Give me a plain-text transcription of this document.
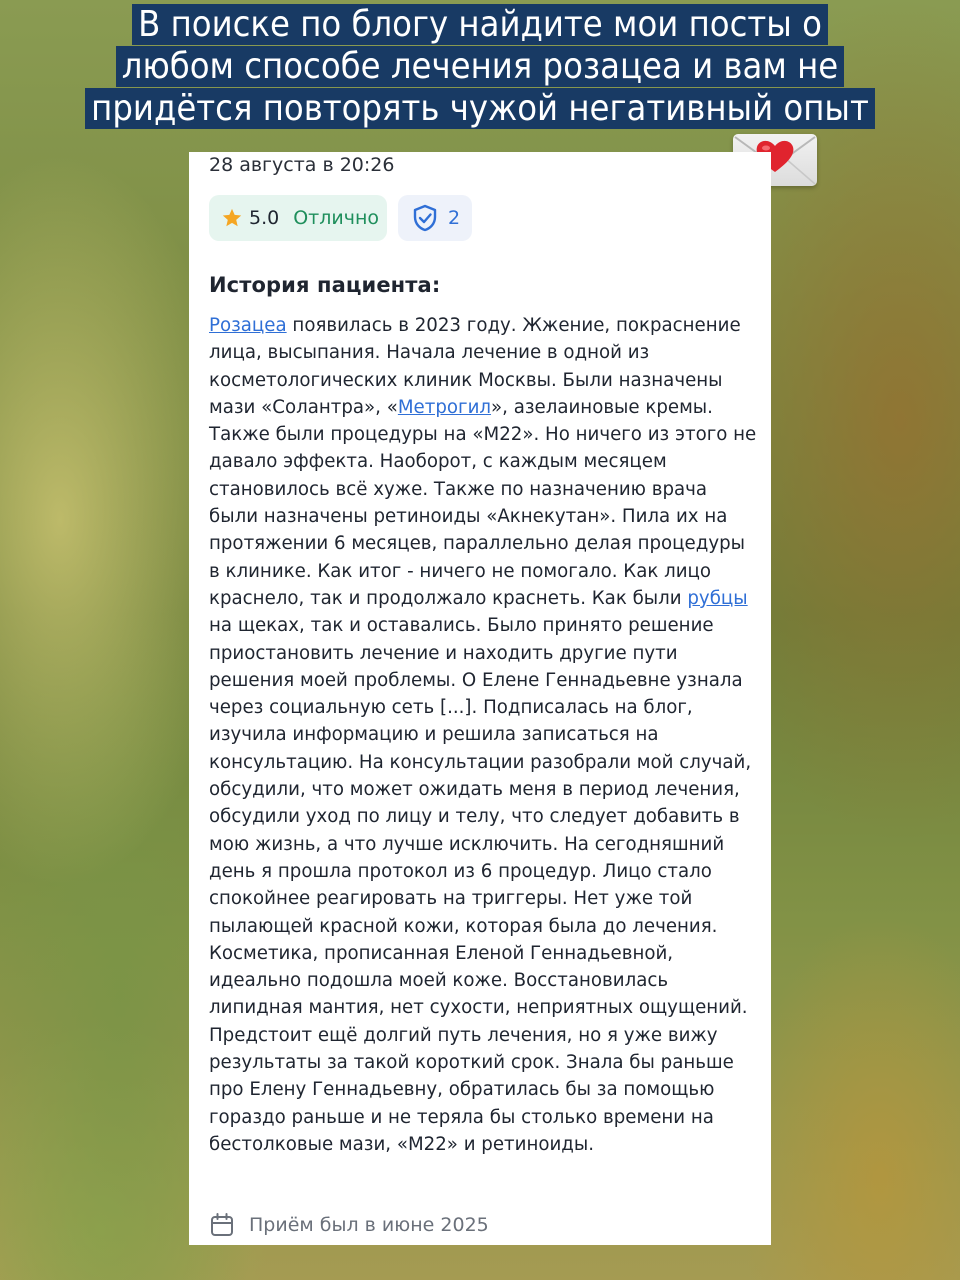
В поиске по блогу найдите мои посты о
любом способе лечения розацеа и вам не
придётся повторять чужой негативный опыт
28 августа в 20:26
5.0 Отлично	2
История пациента:
Розацеа появилась в 2023 году. Жжение, покраснение лица, высыпания. Начала лечение в одной из косметологических клиник Москвы. Были назначены мази «Солантра», «Метрогил», азелаиновые кремы. Также были процедуры на «М22». Но ничего из этого не давало эффекта. Наоборот, с каждым месяцем становилось всё хуже. Также по назначению врача были назначены ретиноиды «Акнекутан». Пила их на протяжении 6 месяцев, параллельно делая процедуры в клинике. Как итог - ничего не помогало. Как лицо краснело, так и продолжало краснеть. Как были рубцы на щеках, так и оставались. Было принято решение приостановить лечение и находить другие пути решения моей проблемы. О Елене Геннадьевне узнала через социальную сеть [...]. Подписалась на блог, изучила информацию и решила записаться на консультацию. На консультации разобрали мой случай, обсудили, что может ожидать меня в период лечения, обсудили уход по лицу и телу, что следует добавить в мою жизнь, а что лучше исключить. На сегодняшний день я прошла протокол из 6 процедур. Лицо стало спокойнее реагировать на триггеры. Нет уже той пылающей красной кожи, которая была до лечения. Косметика, прописанная Еленой Геннадьевной, идеально подошла моей коже. Восстановилась липидная мантия, нет сухости, неприятных ощущений. Предстоит ещё долгий путь лечения, но я уже вижу результаты за такой короткий срок. Знала бы раньше про Елену Геннадьевну, обратилась бы за помощью гораздо раньше и не теряла бы столько времени на бестолковые мази, «М22» и ретиноиды.
Приём был в июне 2025
